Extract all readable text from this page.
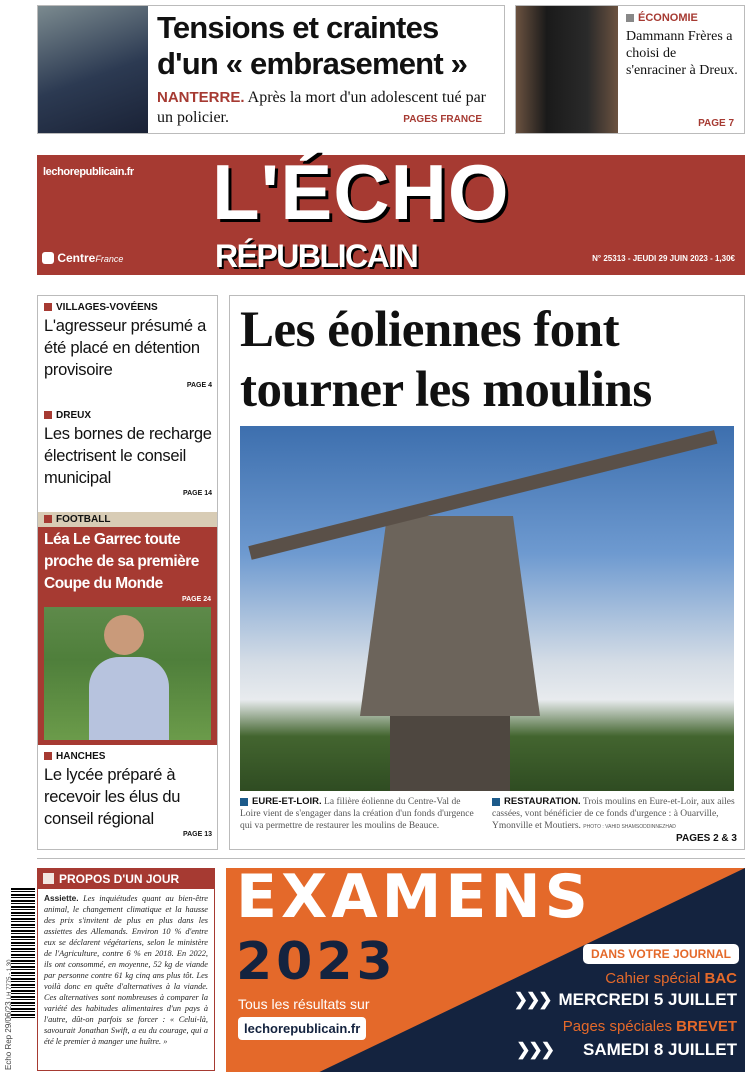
Tensions et craintes
d'un « embrasement »
NANTERRE. Après la mort d'un adolescent tué par un policier.	PAGES FRANCE
ÉCONOMIE
Dammann Frères a choisi de s'enraciner à Dreux.
PAGE 7
lechorepublicain.fr L'ÉCHO
RÉPUBLICAIN
CentreFrance	N° 25313 - JEUDI 29 JUIN 2023 - 1,30€
VILLAGES-VOVÉENS
L'agresseur présumé a été placé en détention provisoire
PAGE 4
DREUX
Les bornes de recharge électrisent le conseil municipal
PAGE 14
FOOTBALL
Léa Le Garrec toute proche de sa première Coupe du Monde
PAGE 24
HANCHES
Le lycée préparé à recevoir les élus du conseil régional
PAGE 13
Les éoliennes font
tourner les moulins
EURE-ET-LOIR. La filière éolienne du Centre-Val de Loire vient de s'engager dans la création d'un fonds d'urgence qui va permettre de restaurer les moulins de Beauce.
RESTAURATION. Trois moulins en Eure-et-Loir, aux ailes cassées, vont bénéficier de ce fonds d'urgence : à Ouarville, Ymonville et Moutiers. PHOTO : VAHID SHAMSODDINNEZHAD
PAGES 2 & 3
Echo Rep 29/06/23 LH 7775 - 1,30
PROPOS D'UN JOUR
Assiette. Les inquiétudes quant au bien-être animal, le changement climatique et la hausse des prix s'invitent de plus en plus dans les assiettes des Allemands. Environ 10 % d'entre eux se déclarent végétariens, selon le ministère de l'Agriculture, contre 6 % en 2018. En 2022, ils ont consommé, en moyenne, 52 kg de viande par personne contre 61 kg cinq ans plus tôt. Les voilà donc en quête d'alternatives à la viande. Ces alternatives sont nombreuses à comparer la variété des habitudes alimentaires d'un pays à l'autre, dût-on parfois se forcer : « Celui-là, savourait Jonathan Swift, a eu du courage, qui a été le premier à manger une huître. »
EXAMENS
2023
Tous les résultats sur
lechorepublicain.fr
DANS VOTRE JOURNAL
Cahier spécial BAC
❯❯❯ MERCREDI 5 JUILLET
Pages spéciales BREVET
❯❯❯ SAMEDI 8 JUILLET
